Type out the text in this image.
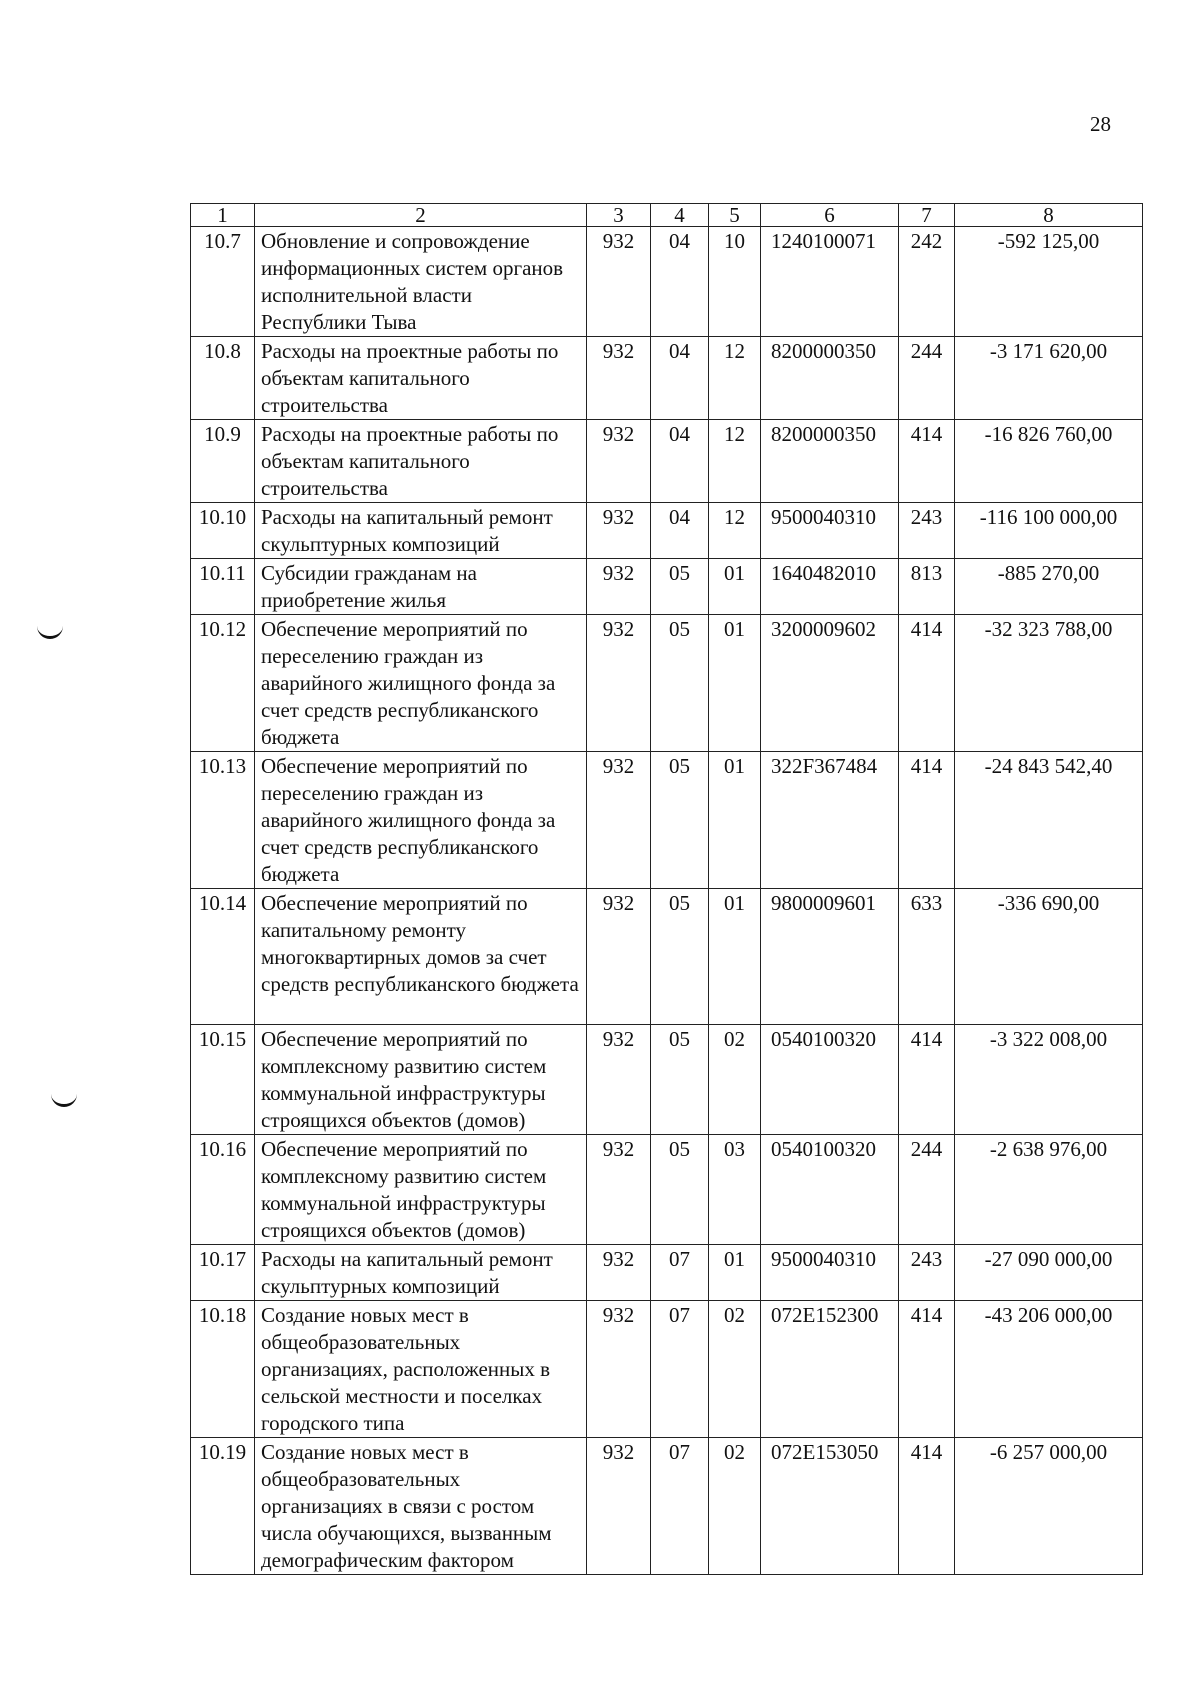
28
1	2	3	4	5	6	7	8
10.7	Обновление и сопровождение информационных систем органов исполнительной власти Республики Тыва	932	04	10	1240100071	242	-592 125,00
10.8	Расходы на проектные работы по объектам капитального строительства	932	04	12	8200000350	244	-3 171 620,00
10.9	Расходы на проектные работы по объектам капитального строительства	932	04	12	8200000350	414	-16 826 760,00
10.10	Расходы на капитальный ремонт скульптурных композиций	932	04	12	9500040310	243	-116 100 000,00
10.11	Субсидии гражданам на приобретение жилья	932	05	01	1640482010	813	-885 270,00
10.12	Обеспечение мероприятий по переселению граждан из аварийного жилищного фонда за счет средств республиканского бюджета	932	05	01	3200009602	414	-32 323 788,00
10.13	Обеспечение мероприятий по переселению граждан из аварийного жилищного фонда за счет средств республиканского бюджета	932	05	01	322F367484	414	-24 843 542,40
10.14	Обеспечение мероприятий по капитальному ремонту многоквартирных домов за счет средств республиканского бюджета	932	05	01	9800009601	633	-336 690,00
10.15	Обеспечение мероприятий по комплексному развитию систем коммунальной инфраструктуры строящихся объектов (домов)	932	05	02	0540100320	414	-3 322 008,00
10.16	Обеспечение мероприятий по комплексному развитию систем коммунальной инфраструктуры строящихся объектов (домов)	932	05	03	0540100320	244	-2 638 976,00
10.17	Расходы на капитальный ремонт скульптурных композиций	932	07	01	9500040310	243	-27 090 000,00
10.18	Создание новых мест в общеобразовательных организациях, расположенных в сельской местности и поселках городского типа	932	07	02	072E152300	414	-43 206 000,00
10.19	Создание новых мест в общеобразовательных организациях в связи с ростом числа обучающихся, вызванным демографическим фактором	932	07	02	072E153050	414	-6 257 000,00
